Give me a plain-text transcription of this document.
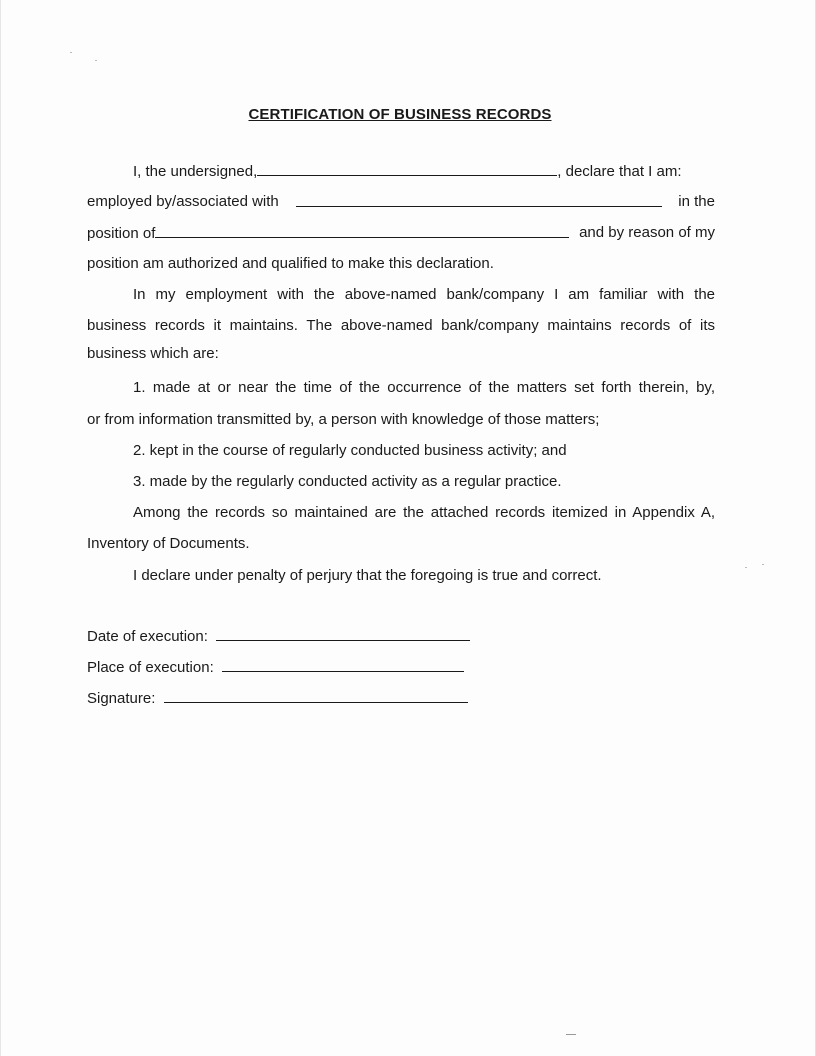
CERTIFICATION OF BUSINESS RECORDS
I, the undersigned,	, declare that I am:
employed by/associated with	in the
position of	and by reason of my
position am authorized and qualified to make this declaration.
In my employment with the above-named bank/company I am familiar with the
business records it maintains. The above-named bank/company maintains records of its
business which are:
1. made at or near the time of the occurrence of the matters set forth therein, by,
or from information transmitted by, a person with knowledge of those matters;
2. kept in the course of regularly conducted business activity; and
3. made by the regularly conducted activity as a regular practice.
Among the records so maintained are the attached records itemized in Appendix A,
Inventory of Documents.
I declare under penalty of perjury that the foregoing is true and correct.
Date of execution:
Place of execution:
Signature:
